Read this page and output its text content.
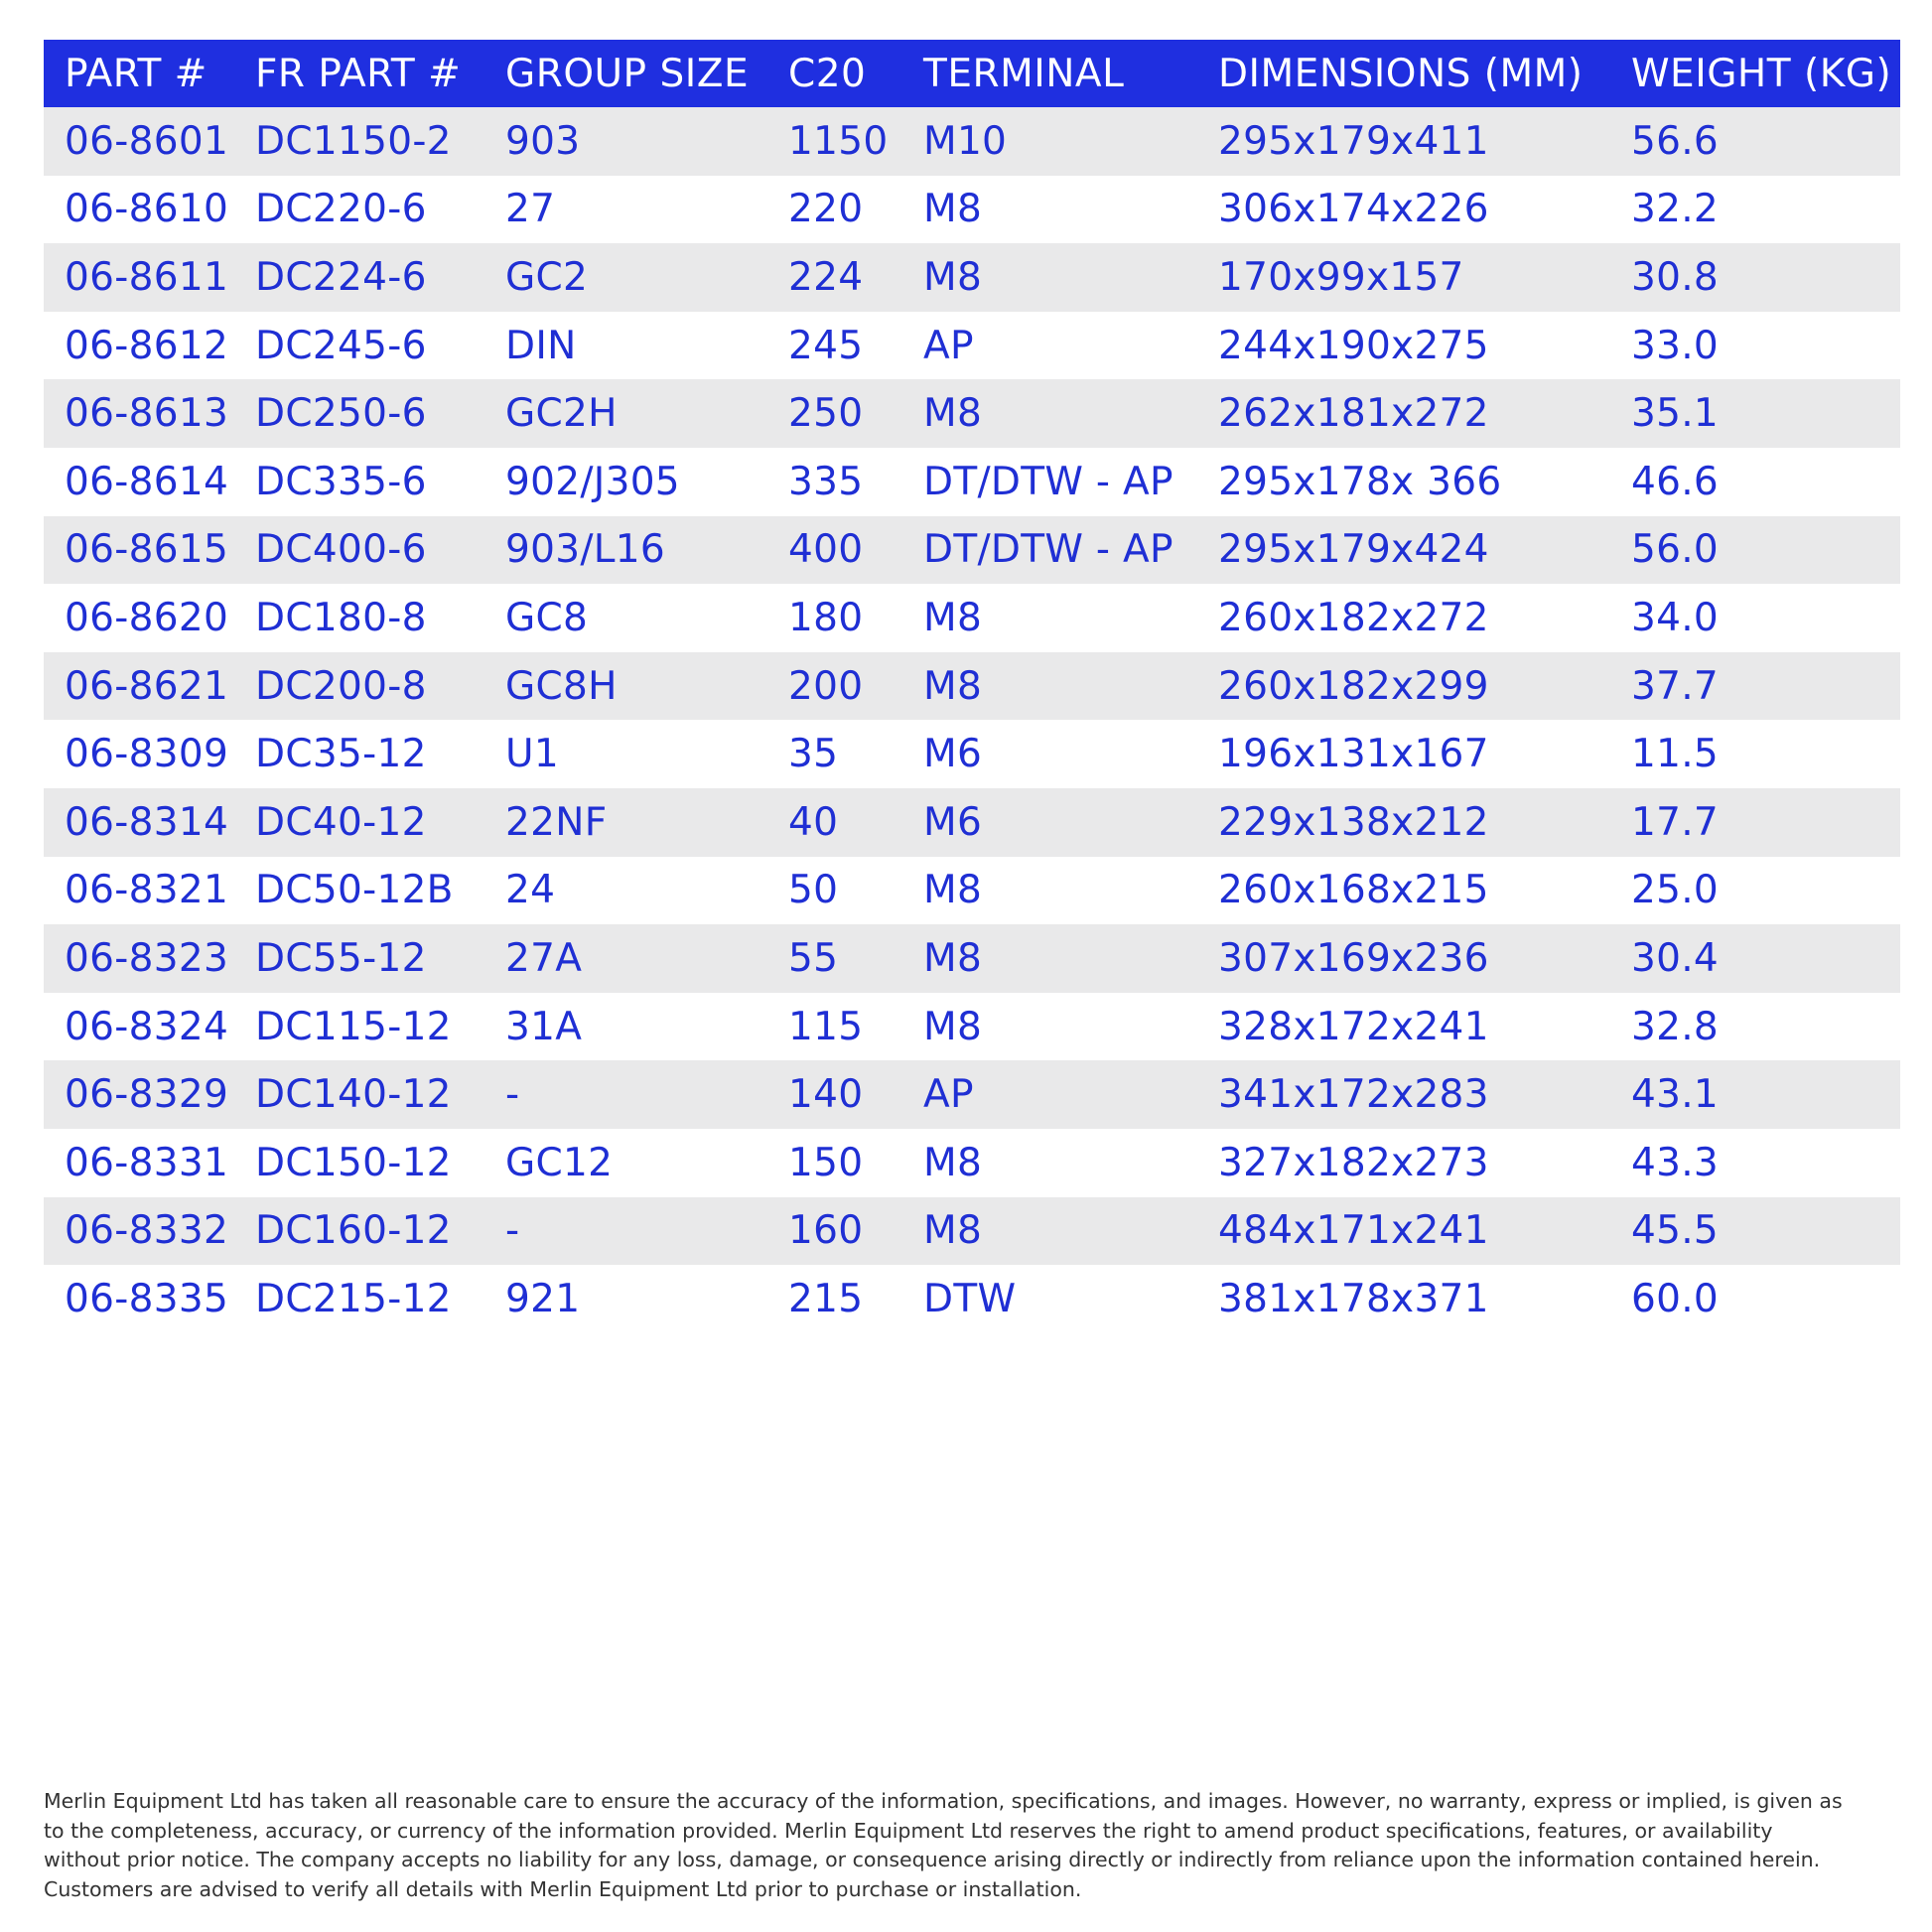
PART #	FR PART #	GROUP SIZE	C20	TERMINAL	DIMENSIONS (MM)	WEIGHT (KG)
06-8601	DC1150-2	903	1150	M10	295x179x411	56.6
06-8610	DC220-6	27	220	M8	306x174x226	32.2
06-8611	DC224-6	GC2	224	M8	170x99x157	30.8
06-8612	DC245-6	DIN	245	AP	244x190x275	33.0
06-8613	DC250-6	GC2H	250	M8	262x181x272	35.1
06-8614	DC335-6	902/J305	335	DT/DTW - AP	295x178x 366	46.6
06-8615	DC400-6	903/L16	400	DT/DTW - AP	295x179x424	56.0
06-8620	DC180-8	GC8	180	M8	260x182x272	34.0
06-8621	DC200-8	GC8H	200	M8	260x182x299	37.7
06-8309	DC35-12	U1	35	M6	196x131x167	11.5
06-8314	DC40-12	22NF	40	M6	229x138x212	17.7
06-8321	DC50-12B	24	50	M8	260x168x215	25.0
06-8323	DC55-12	27A	55	M8	307x169x236	30.4
06-8324	DC115-12	31A	115	M8	328x172x241	32.8
06-8329	DC140-12	-	140	AP	341x172x283	43.1
06-8331	DC150-12	GC12	150	M8	327x182x273	43.3
06-8332	DC160-12	-	160	M8	484x171x241	45.5
06-8335	DC215-12	921	215	DTW	381x178x371	60.0
Merlin Equipment Ltd has taken all reasonable care to ensure the accuracy of the information, specifications, and images. However, no warranty, express or implied, is given as
to the completeness, accuracy, or currency of the information provided. Merlin Equipment Ltd reserves the right to amend product specifications, features, or availability
without prior notice. The company accepts no liability for any loss, damage, or consequence arising directly or indirectly from reliance upon the information contained herein.
Customers are advised to verify all details with Merlin Equipment Ltd prior to purchase or installation.
